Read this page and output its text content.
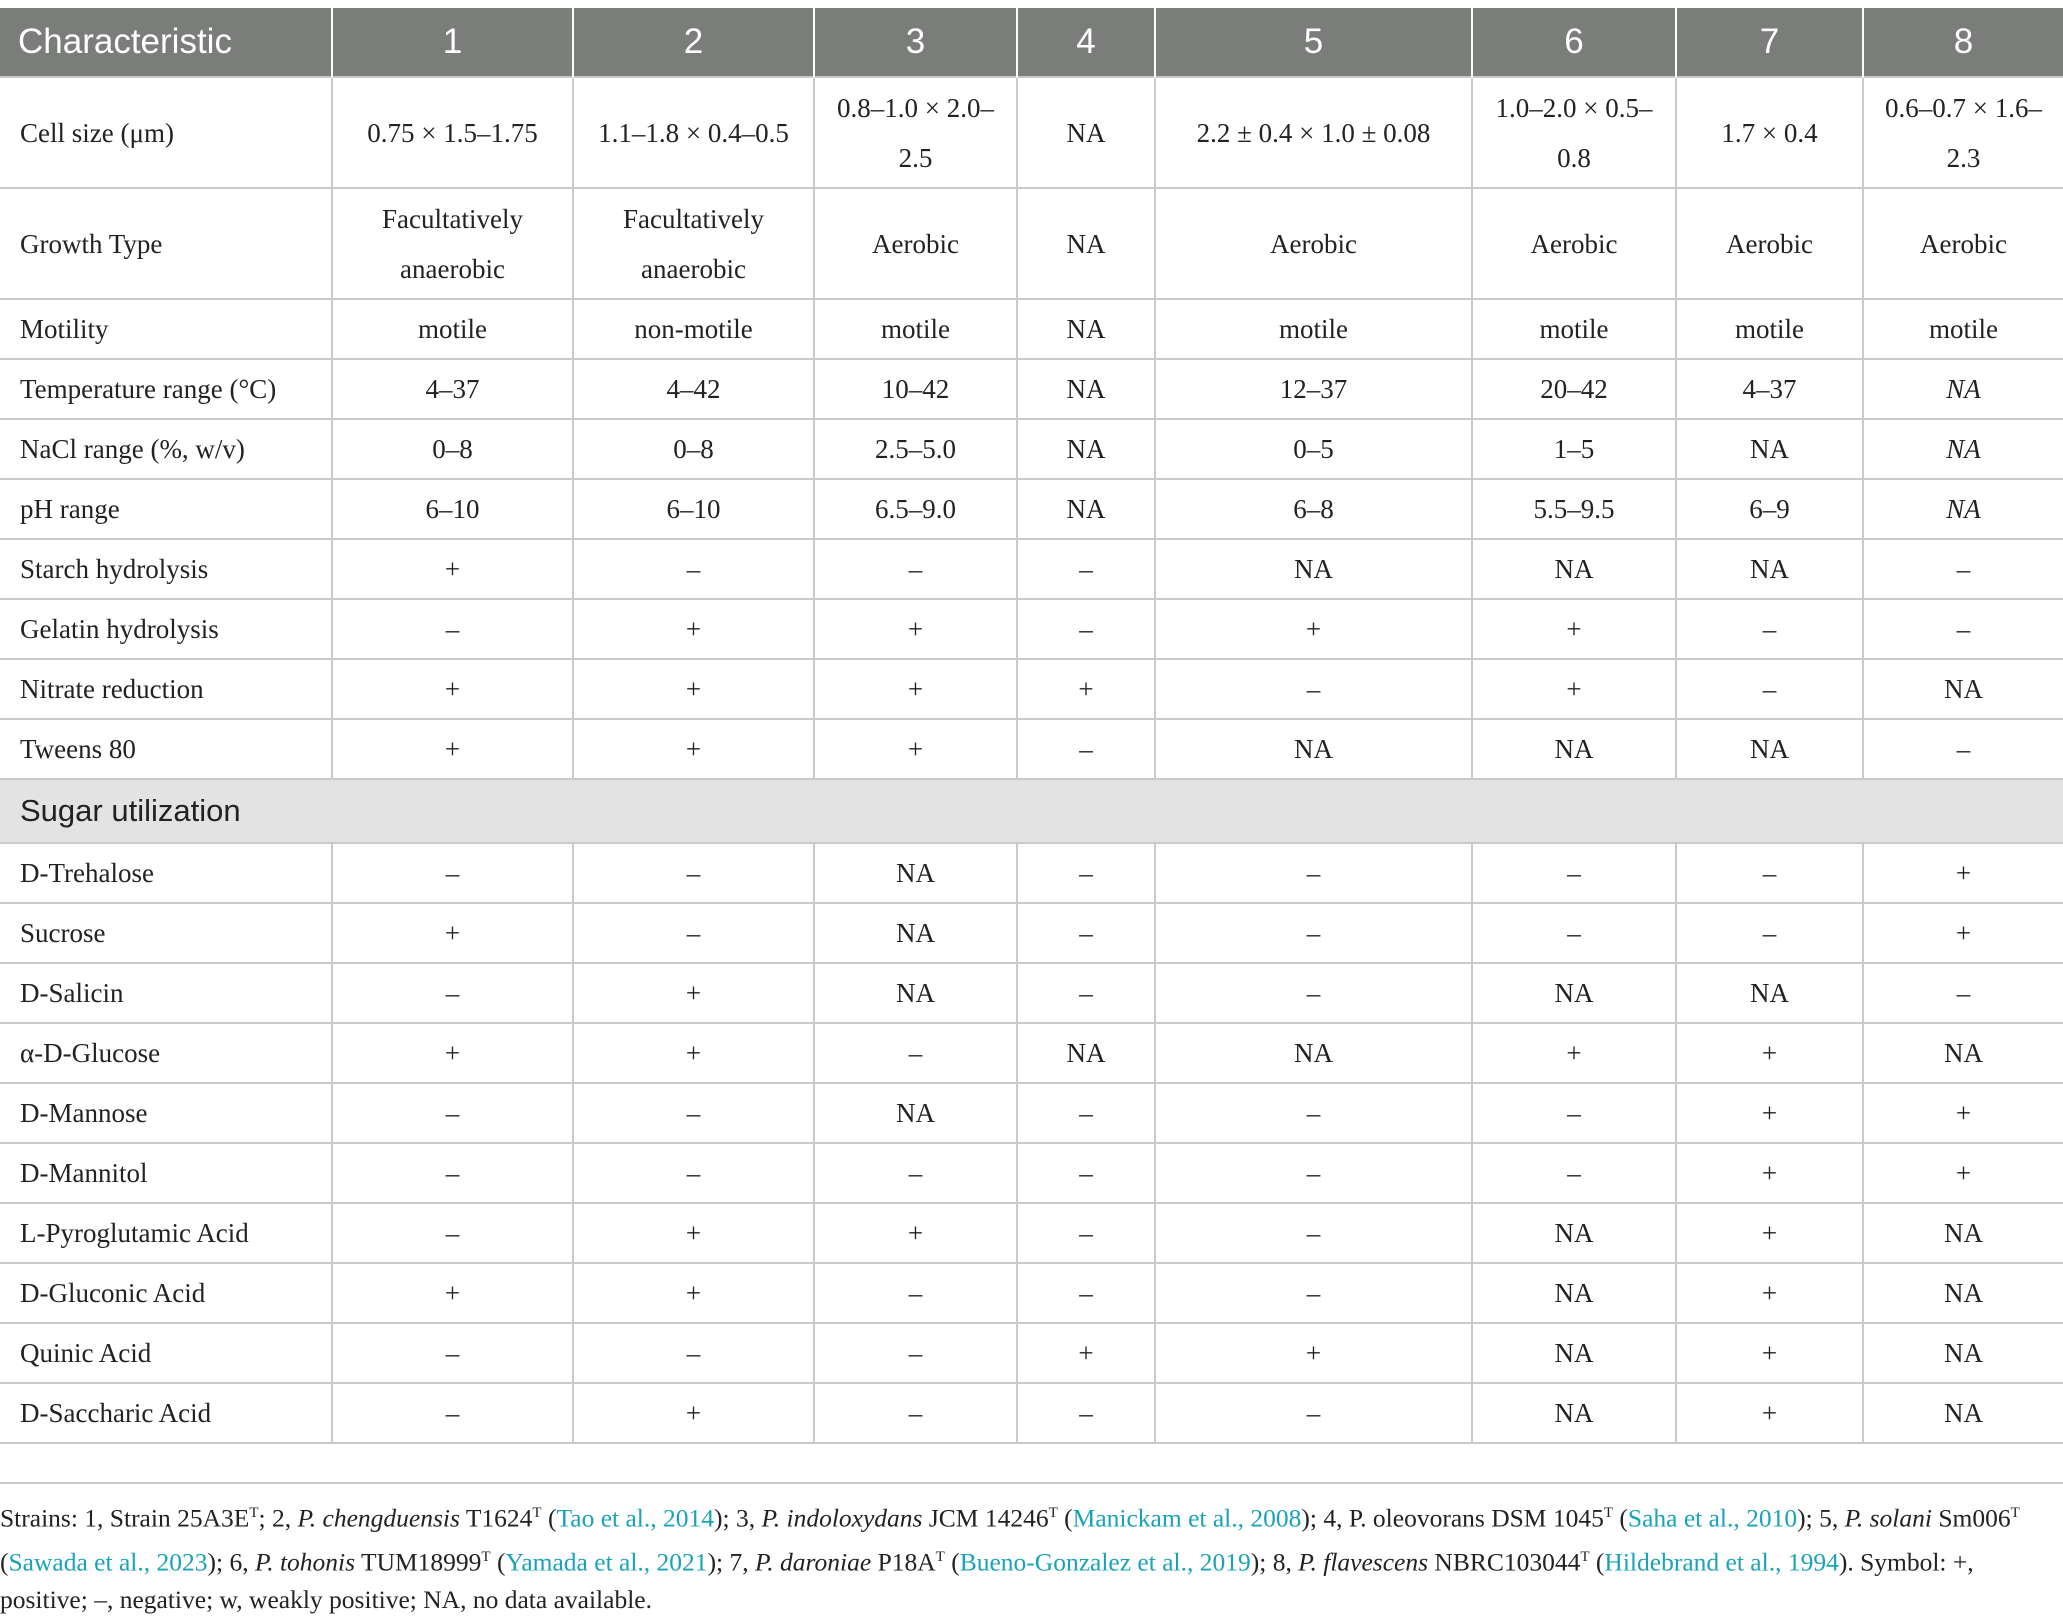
Characteristic	1	2	3	4	5	6	7	8
Cell size (μm)	0.75 × 1.5–1.75	1.1–1.8 × 0.4–0.5	0.8–1.0 × 2.0–2.5	NA	2.2 ± 0.4 × 1.0 ± 0.08	1.0–2.0 × 0.5–0.8	1.7 × 0.4	0.6–0.7 × 1.6–2.3
Growth Type	Facultatively anaerobic	Facultatively anaerobic	Aerobic	NA	Aerobic	Aerobic	Aerobic	Aerobic
Motility	motile	non-motile	motile	NA	motile	motile	motile	motile
Temperature range (°C)	4–37	4–42	10–42	NA	12–37	20–42	4–37	NA
NaCl range (%, w/v)	0–8	0–8	2.5–5.0	NA	0–5	1–5	NA	NA
pH range	6–10	6–10	6.5–9.0	NA	6–8	5.5–9.5	6–9	NA
Starch hydrolysis	+	–	–	–	NA	NA	NA	–
Gelatin hydrolysis	–	+	+	–	+	+	–	–
Nitrate reduction	+	+	+	+	–	+	–	NA
Tweens 80	+	+	+	–	NA	NA	NA	–
Sugar utilization								
D-Trehalose	–	–	NA	–	–	–	–	+
Sucrose	+	–	NA	–	–	–	–	+
D-Salicin	–	+	NA	–	–	NA	NA	–
α-D-Glucose	+	+	–	NA	NA	+	+	NA
D-Mannose	–	–	NA	–	–	–	+	+
D-Mannitol	–	–	–	–	–	–	+	+
L-Pyroglutamic Acid	–	+	+	–	–	NA	+	NA
D-Gluconic Acid	+	+	–	–	–	NA	+	NA
Quinic Acid	–	–	–	+	+	NA	+	NA
D-Saccharic Acid	–	+	–	–	–	NA	+	NA
Strains: 1, Strain $25A3E^T$; 2, P. chengduensis $T1624^T$ (Tao et al., 2014); 3, P. indoloxydans JCM $14246^T$ (Manickam et al., 2008); 4, P. oleovorans DSM $1045^T$ (Saha et al., 2010); 5, P. solani $Sm006^T$ (Sawada et al., 2023); 6, P. tohonis $TUM18999^T$ (Yamada et al., 2021); 7, P. daroniae $P18A^T$ (Bueno-Gonzalez et al., 2019); 8, P. flavescens $NBRC103044^T$ (Hildebrand et al., 1994). Symbol: +, positive; –, negative; w, weakly positive; NA, no data available.
